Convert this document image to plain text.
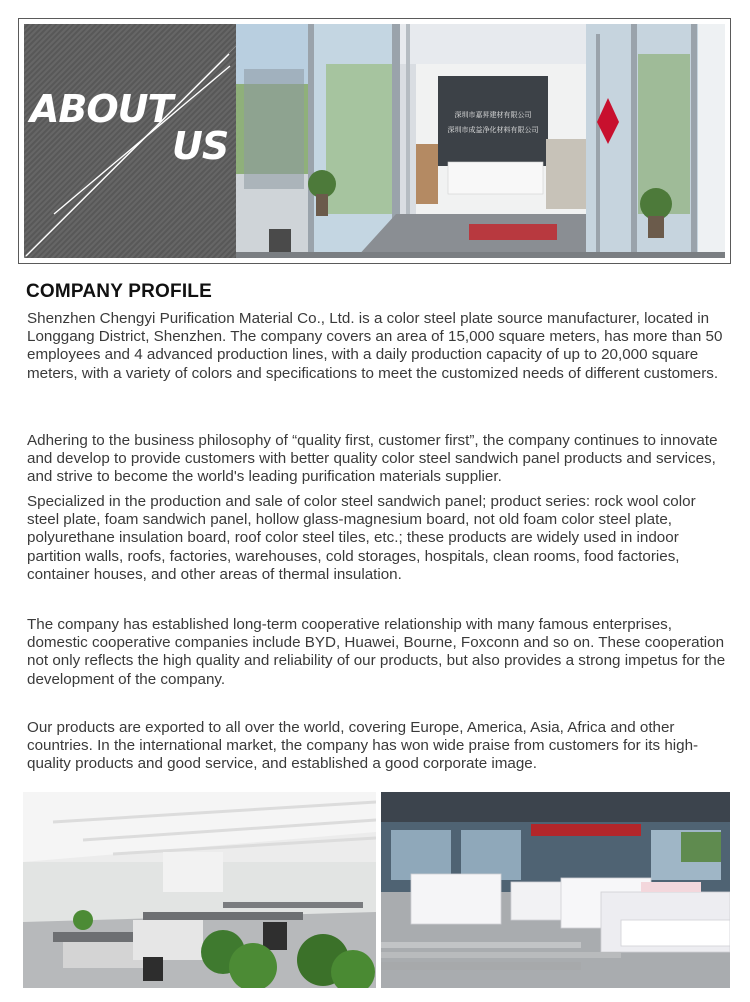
ABOUT
US
深圳市嘉昇建材有限公司
深圳市成益净化材料有限公司
COMPANY PROFILE

Shenzhen Chengyi Purification Material Co., Ltd. is a color steel plate source manufacturer, located in Longgang District, Shenzhen. The company covers an area of 15,000 square meters, has more than 50 employees and 4 advanced production lines, with a daily production capacity of up to 20,000 square meters, with a variety of colors and specifications to meet the customized needs of different customers.

Adhering to the business philosophy of “quality first, customer first”, the company continues to innovate and develop to provide customers with better quality color steel sandwich panel products and services, and strive to become the world's leading purification materials supplier.

Specialized in the production and sale of color steel sandwich panel; product series: rock wool color steel plate, foam sandwich panel, hollow glass-magnesium board, not old foam color steel plate, polyurethane insulation board, roof color steel tiles, etc.; these products are widely used in indoor partition walls, roofs, factories, warehouses, cold storages, hospitals, clean rooms, food factories, container houses, and other areas of thermal insulation.

The company has established long-term cooperative relationship with many famous enterprises, domestic cooperative companies include BYD, Huawei, Bourne, Foxconn and so on. These cooperation not only reflects the high quality and reliability of our products, but also provides a strong impetus for the development of the company.

Our products are exported to all over the world, covering Europe, America, Asia, Africa and other countries. In the international market, the company has won wide praise from customers for its high-quality products and good service, and established a good corporate image.
